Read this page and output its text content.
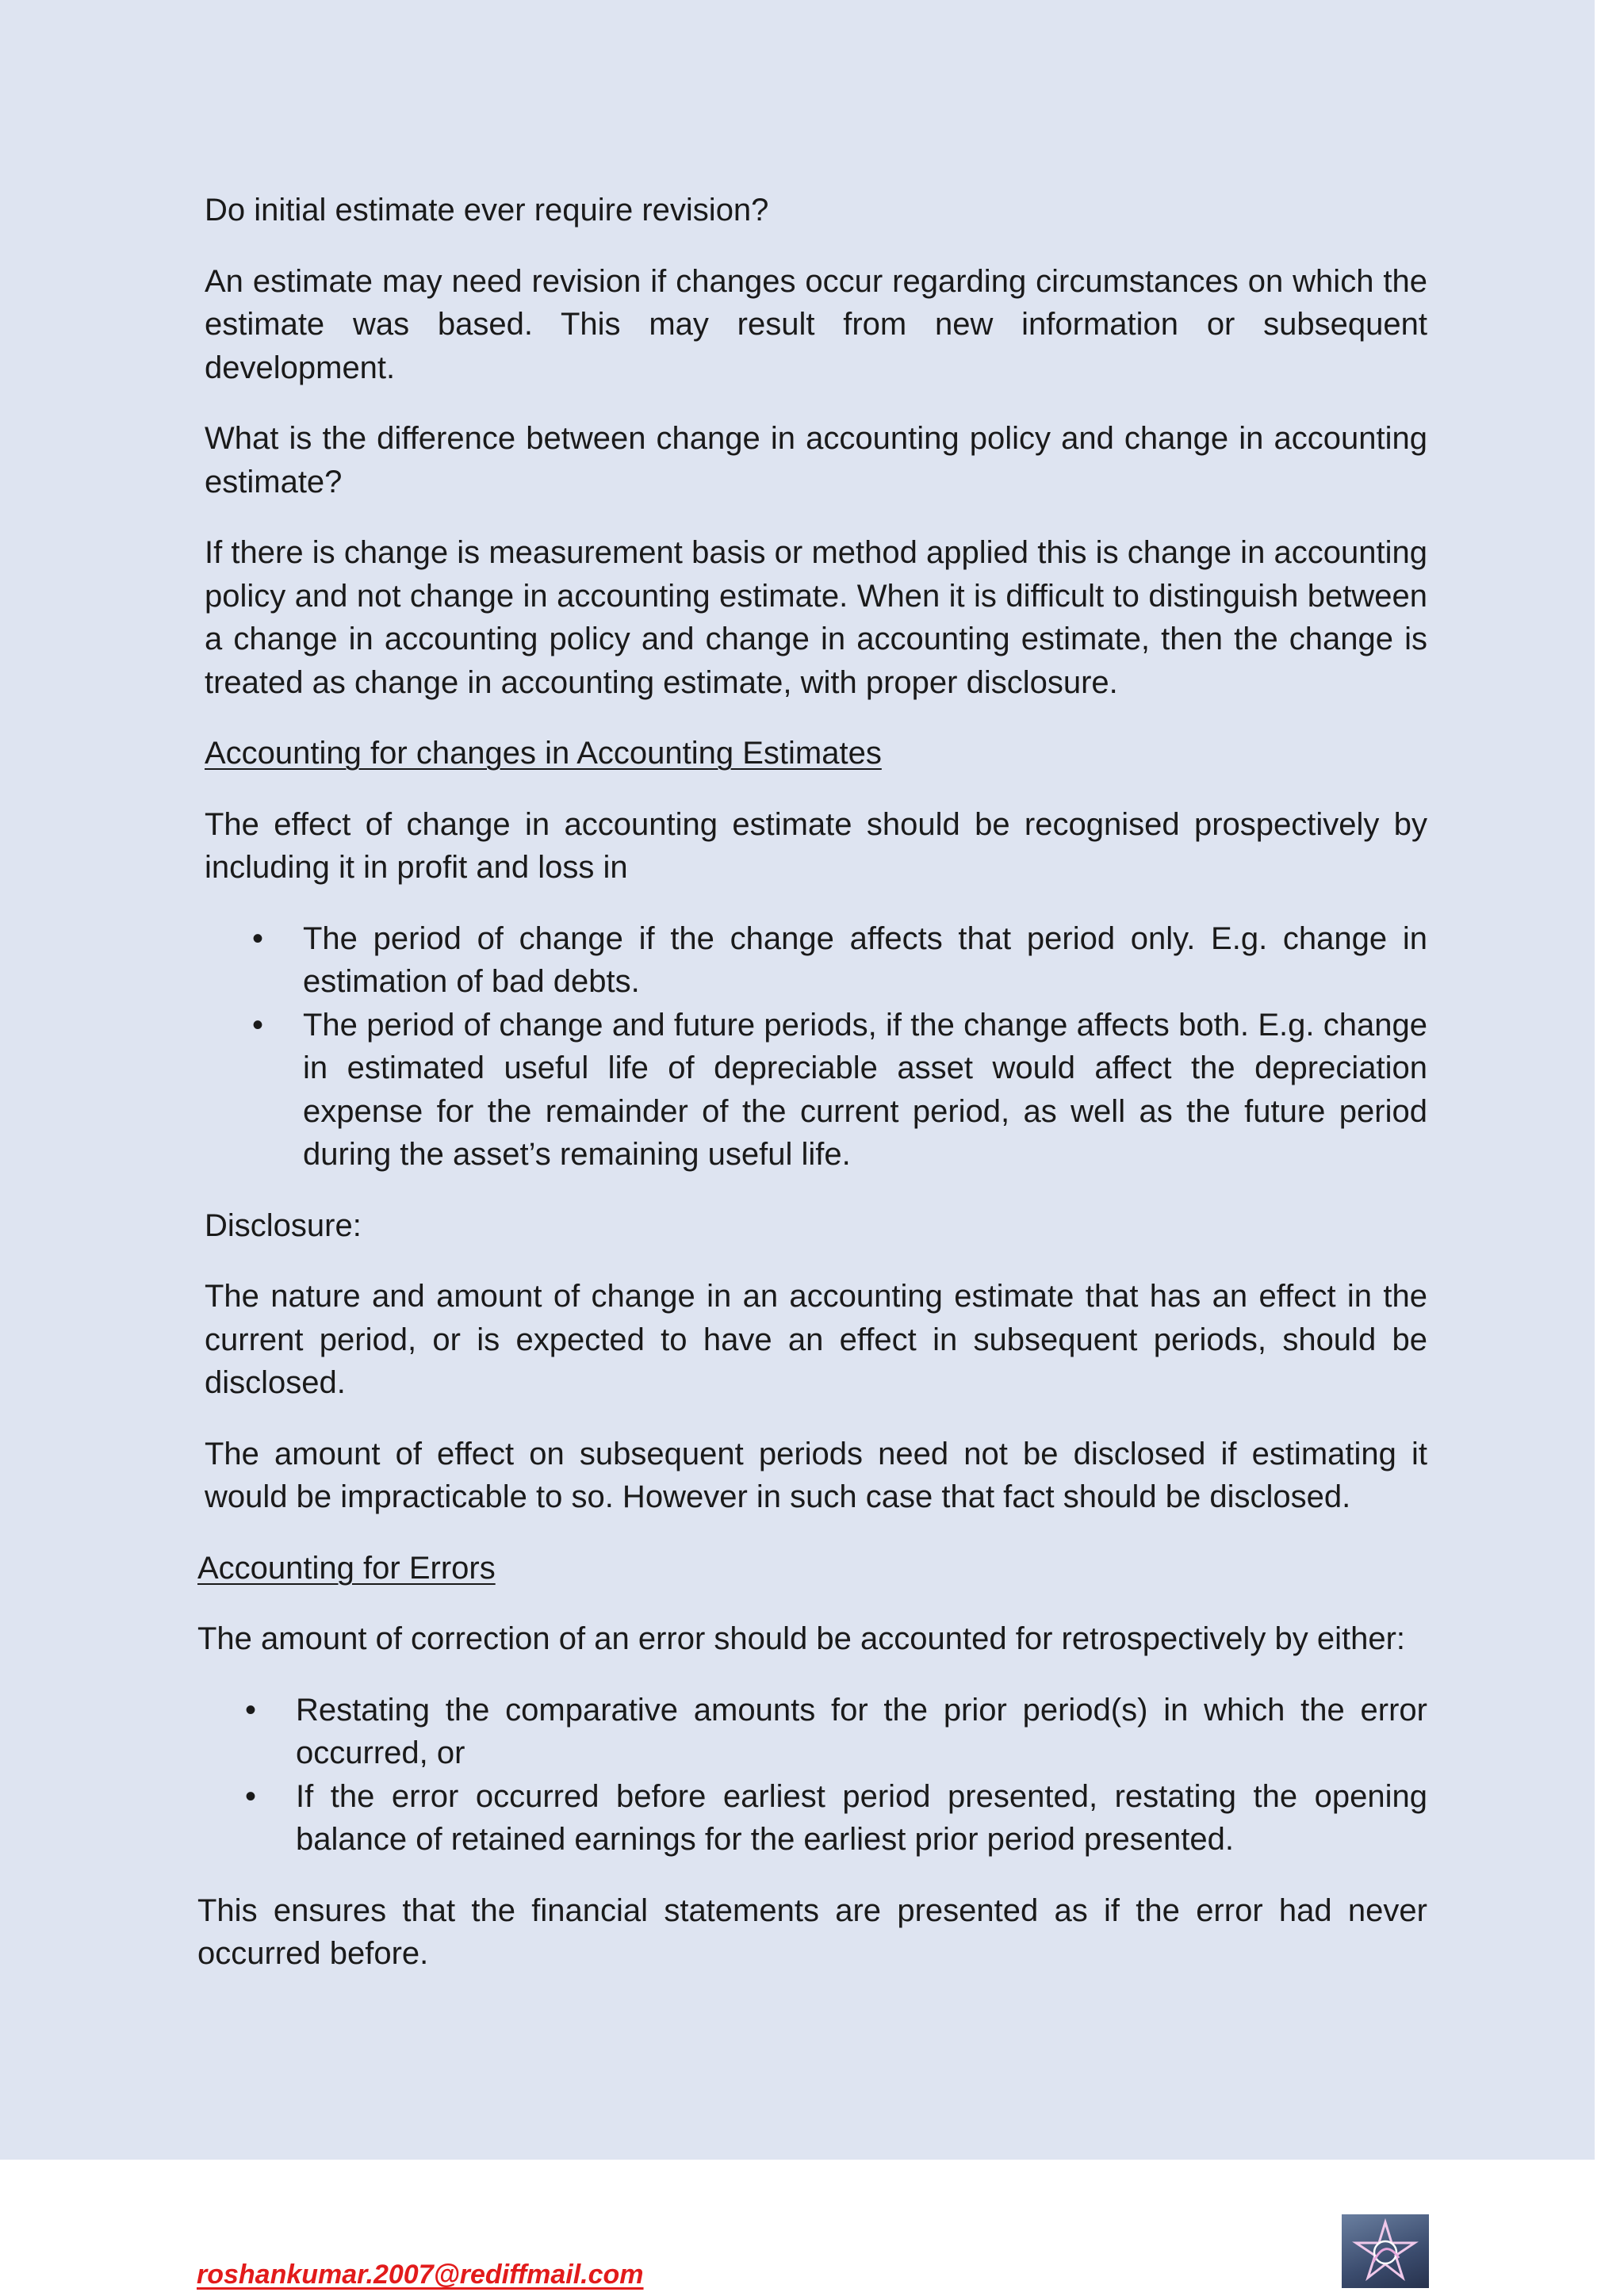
Do initial estimate ever require revision?

An estimate may need revision if changes occur regarding circumstances on which the estimate was based. This may result from new information or subsequent development.

What is the difference between change in accounting policy and change in accounting estimate?

If there is change is measurement basis or method applied this is change in accounting policy and not change in accounting estimate. When it is difficult to distinguish between a change in accounting policy and change in accounting estimate, then the change is treated as change in accounting estimate, with proper disclosure.

Accounting for changes in Accounting Estimates

The effect of change in accounting estimate should be recognised prospectively by including it in profit and loss in

• The period of change if the change affects that period only. E.g. change in estimation of bad debts.
• The period of change and future periods, if the change affects both. E.g. change in estimated useful life of depreciable asset would affect the depreciation expense for the remainder of the current period, as well as the future period during the asset’s remaining useful life.

Disclosure:

The nature and amount of change in an accounting estimate that has an effect in the current period, or is expected to have an effect in subsequent periods, should be disclosed.

The amount of effect on subsequent periods need not be disclosed if estimating it would be impracticable to so. However in such case that fact should be disclosed.

Accounting for Errors

The amount of correction of an error should be accounted for retrospectively by either:

• Restating the comparative amounts for the prior period(s) in which the error occurred, or
• If the error occurred before earliest period presented, restating the opening balance of retained earnings for the earliest prior period presented.

This ensures that the financial statements are presented as if the error had never occurred before.

roshankumar.2007@rediffmail.com
